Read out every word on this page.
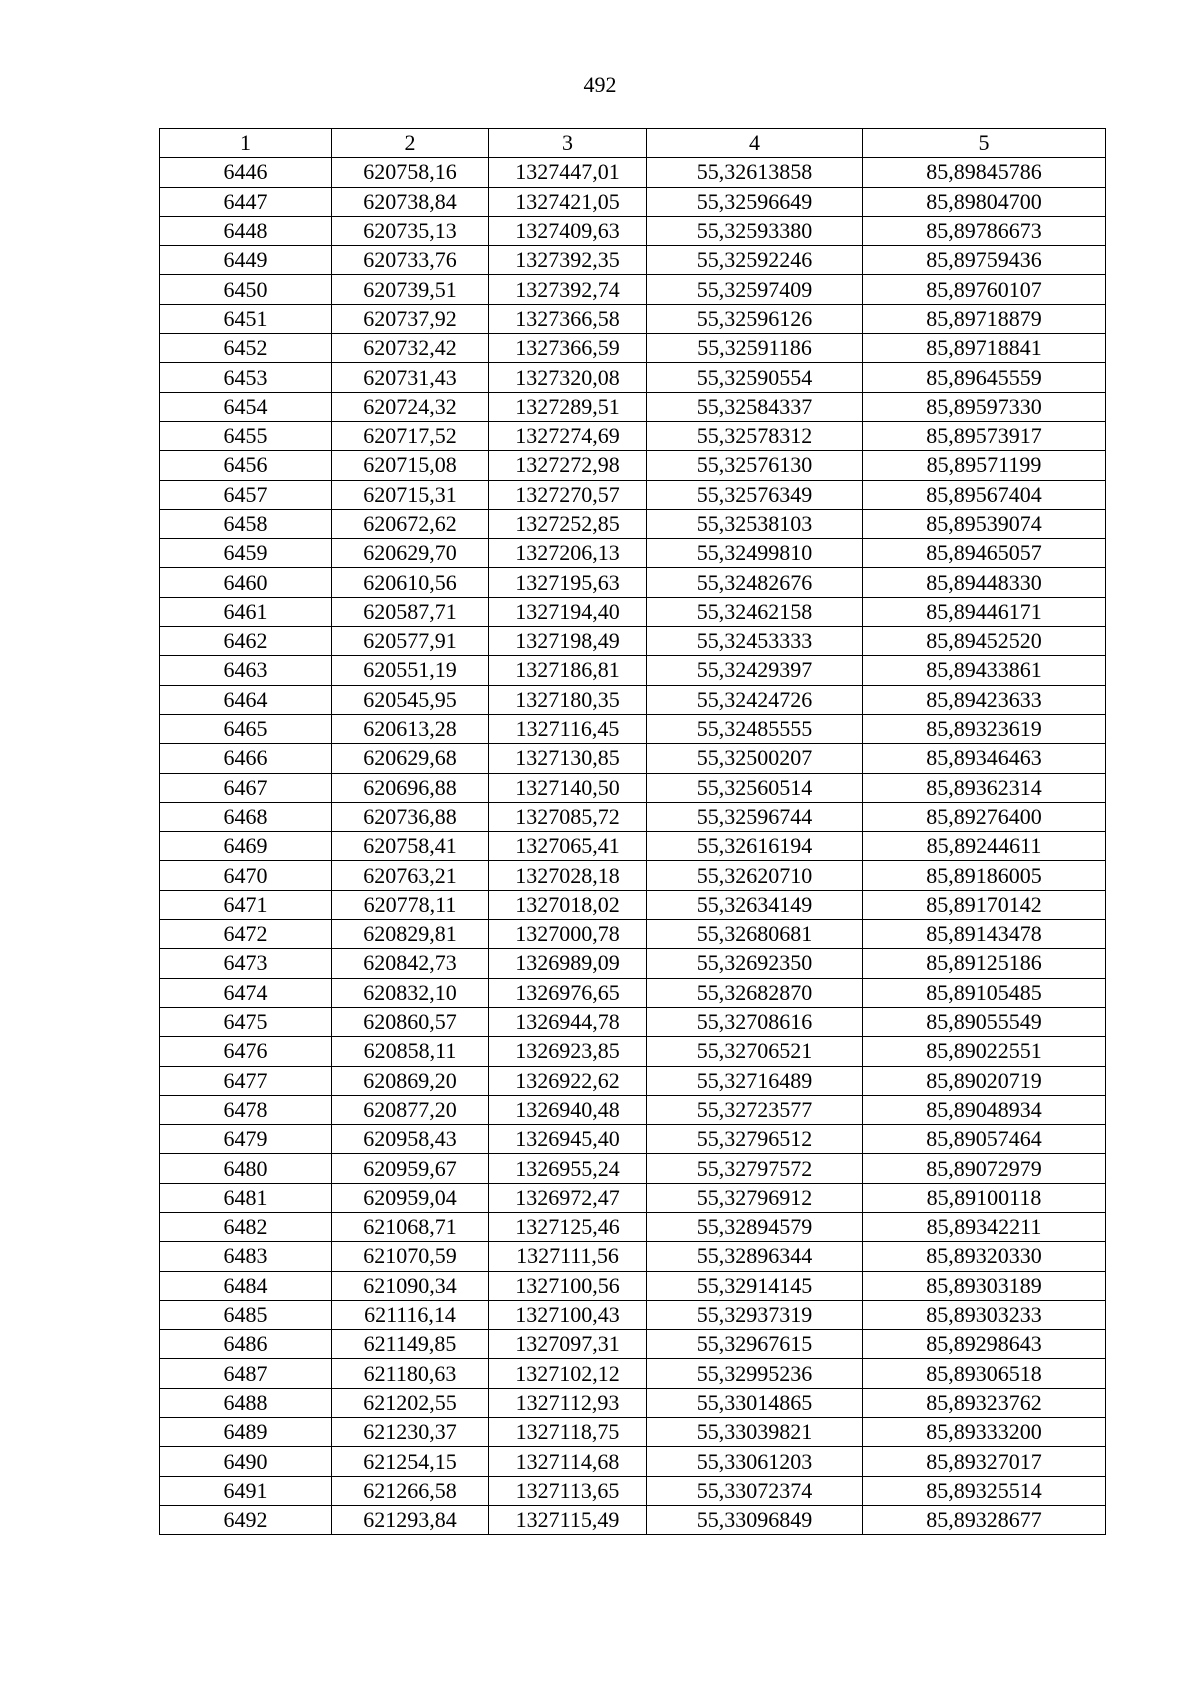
492
1	2	3	4	5
6446	620758,16	1327447,01	55,32613858	85,89845786
6447	620738,84	1327421,05	55,32596649	85,89804700
6448	620735,13	1327409,63	55,32593380	85,89786673
6449	620733,76	1327392,35	55,32592246	85,89759436
6450	620739,51	1327392,74	55,32597409	85,89760107
6451	620737,92	1327366,58	55,32596126	85,89718879
6452	620732,42	1327366,59	55,32591186	85,89718841
6453	620731,43	1327320,08	55,32590554	85,89645559
6454	620724,32	1327289,51	55,32584337	85,89597330
6455	620717,52	1327274,69	55,32578312	85,89573917
6456	620715,08	1327272,98	55,32576130	85,89571199
6457	620715,31	1327270,57	55,32576349	85,89567404
6458	620672,62	1327252,85	55,32538103	85,89539074
6459	620629,70	1327206,13	55,32499810	85,89465057
6460	620610,56	1327195,63	55,32482676	85,89448330
6461	620587,71	1327194,40	55,32462158	85,89446171
6462	620577,91	1327198,49	55,32453333	85,89452520
6463	620551,19	1327186,81	55,32429397	85,89433861
6464	620545,95	1327180,35	55,32424726	85,89423633
6465	620613,28	1327116,45	55,32485555	85,89323619
6466	620629,68	1327130,85	55,32500207	85,89346463
6467	620696,88	1327140,50	55,32560514	85,89362314
6468	620736,88	1327085,72	55,32596744	85,89276400
6469	620758,41	1327065,41	55,32616194	85,89244611
6470	620763,21	1327028,18	55,32620710	85,89186005
6471	620778,11	1327018,02	55,32634149	85,89170142
6472	620829,81	1327000,78	55,32680681	85,89143478
6473	620842,73	1326989,09	55,32692350	85,89125186
6474	620832,10	1326976,65	55,32682870	85,89105485
6475	620860,57	1326944,78	55,32708616	85,89055549
6476	620858,11	1326923,85	55,32706521	85,89022551
6477	620869,20	1326922,62	55,32716489	85,89020719
6478	620877,20	1326940,48	55,32723577	85,89048934
6479	620958,43	1326945,40	55,32796512	85,89057464
6480	620959,67	1326955,24	55,32797572	85,89072979
6481	620959,04	1326972,47	55,32796912	85,89100118
6482	621068,71	1327125,46	55,32894579	85,89342211
6483	621070,59	1327111,56	55,32896344	85,89320330
6484	621090,34	1327100,56	55,32914145	85,89303189
6485	621116,14	1327100,43	55,32937319	85,89303233
6486	621149,85	1327097,31	55,32967615	85,89298643
6487	621180,63	1327102,12	55,32995236	85,89306518
6488	621202,55	1327112,93	55,33014865	85,89323762
6489	621230,37	1327118,75	55,33039821	85,89333200
6490	621254,15	1327114,68	55,33061203	85,89327017
6491	621266,58	1327113,65	55,33072374	85,89325514
6492	621293,84	1327115,49	55,33096849	85,89328677
